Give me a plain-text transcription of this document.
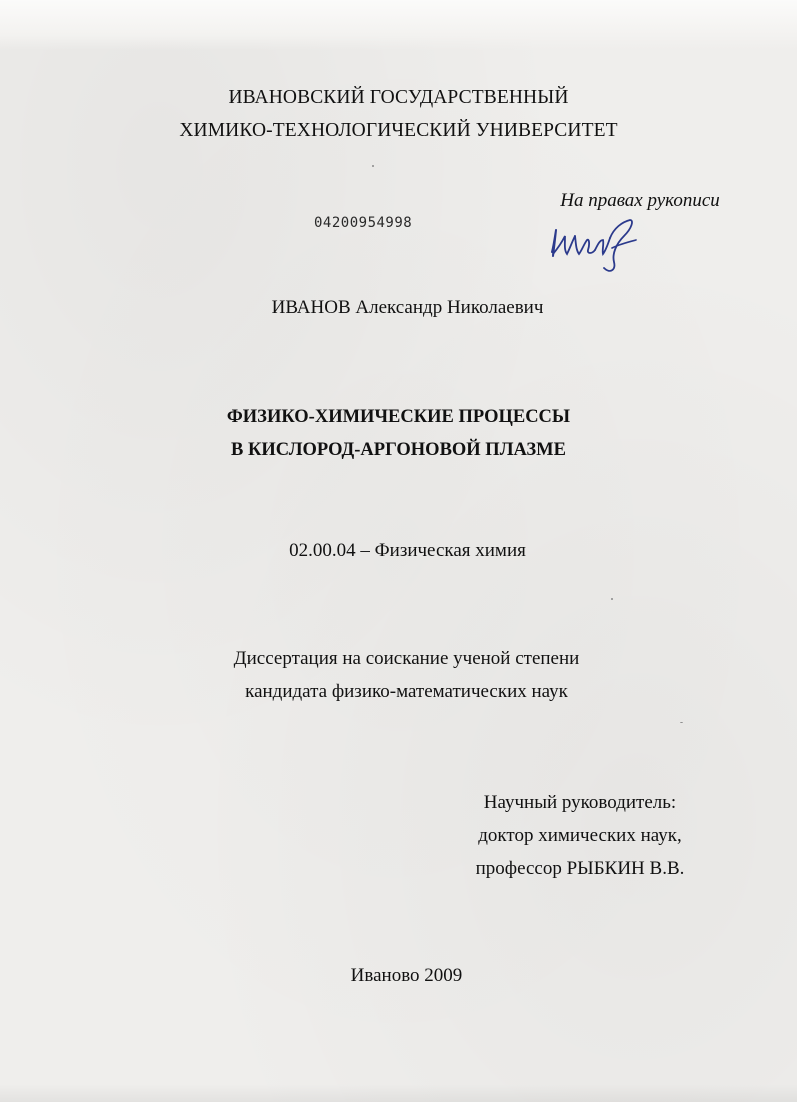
ИВАНОВСКИЙ ГОСУДАРСТВЕННЫЙ
ХИМИКО-ТЕХНОЛОГИЧЕСКИЙ УНИВЕРСИТЕТ
На правах рукописи
04200954998
ИВАНОВ Александр Николаевич
ФИЗИКО-ХИМИЧЕСКИЕ ПРОЦЕССЫ
В КИСЛОРОД-АРГОНОВОЙ ПЛАЗМЕ
02.00.04 – Физическая химия
Диссертация на соискание ученой степени
кандидата физико-математических наук
Научный руководитель:
доктор химических наук,
профессор РЫБКИН В.В.
Иваново 2009
